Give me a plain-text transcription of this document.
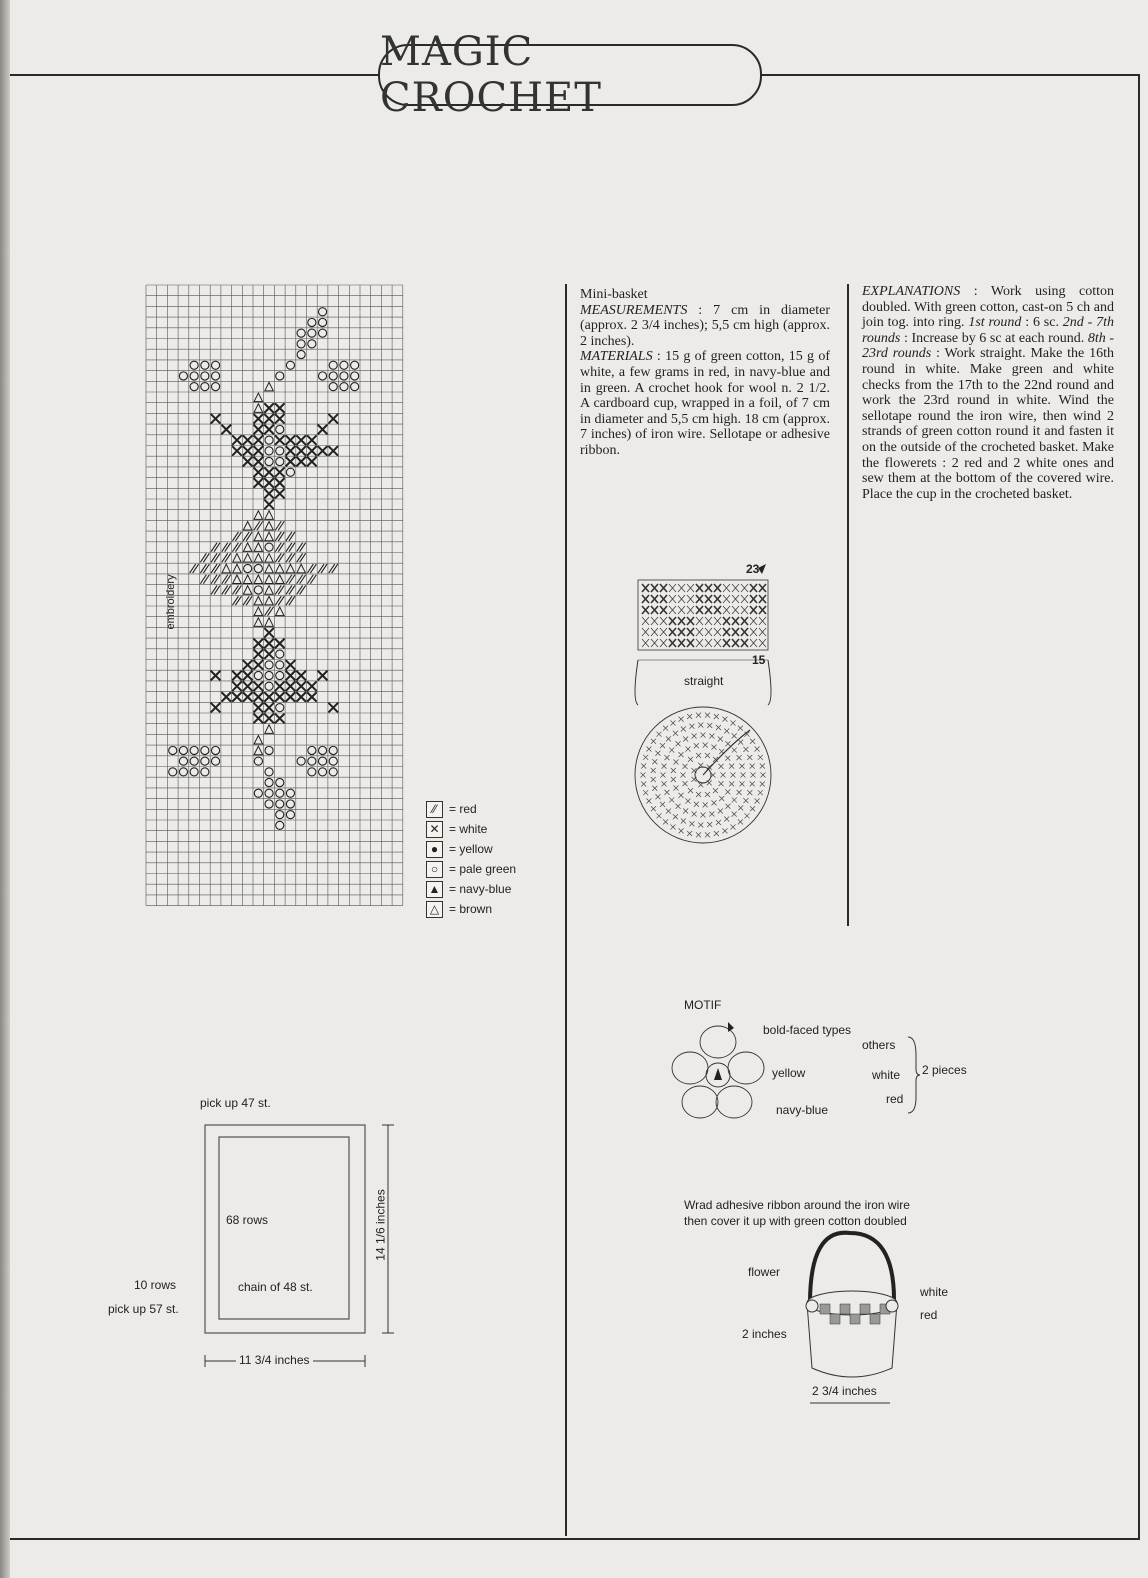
MAGIC CROCHET
embroidery
⁄⁄	= red
✕ = white
● = yellow
○ = pale green
▲ = navy-blue
△ = brown
Mini-basket
MEASUREMENTS : 7 cm in diameter (approx. 2 3/4 inches); 5,5 cm high (approx. 2 inches).
MATERIALS : 15 g of green cotton, 15 g of white, a few grams in red, in navy-blue and in green. A crochet hook for wool n. 2 1/2. A cardboard cup, wrapped in a foil, of 7 cm in diameter and 5,5 cm high. 18 cm (approx. 7 inches) of iron wire. Sellotape or adhesive ribbon.
EXPLANATIONS : Work using cotton doubled. With green cotton, cast-on 5 ch and join tog. into ring. 1st round : 6 sc. 2nd - 7th rounds : Increase by 6 sc at each round. 8th - 23rd rounds : Work straight. Make the 16th round in white. Make green and white checks from the 17th to the 22nd round and work the 23rd round in white. Wind the sellotape round the iron wire, then wind 2 strands of green cotton round it and fasten it on the outside of the crocheted basket. Make the flowerets : 2 red and 2 white ones and sew them at the bottom of the covered wire. Place the cup in the crocheted basket.
23
15
straight
MOTIF
bold-faced types
others
yellow	white
red
navy-blue
2 pieces
pick up 47 st.
68 rows
10 rows	chain of 48 st.
pick up 57 st.
14 1/6 inches
11 3/4 inches
Wrad adhesive ribbon around the iron wire
then cover it up with green cotton doubled
flower
white
red
2 inches
2 3/4 inches
